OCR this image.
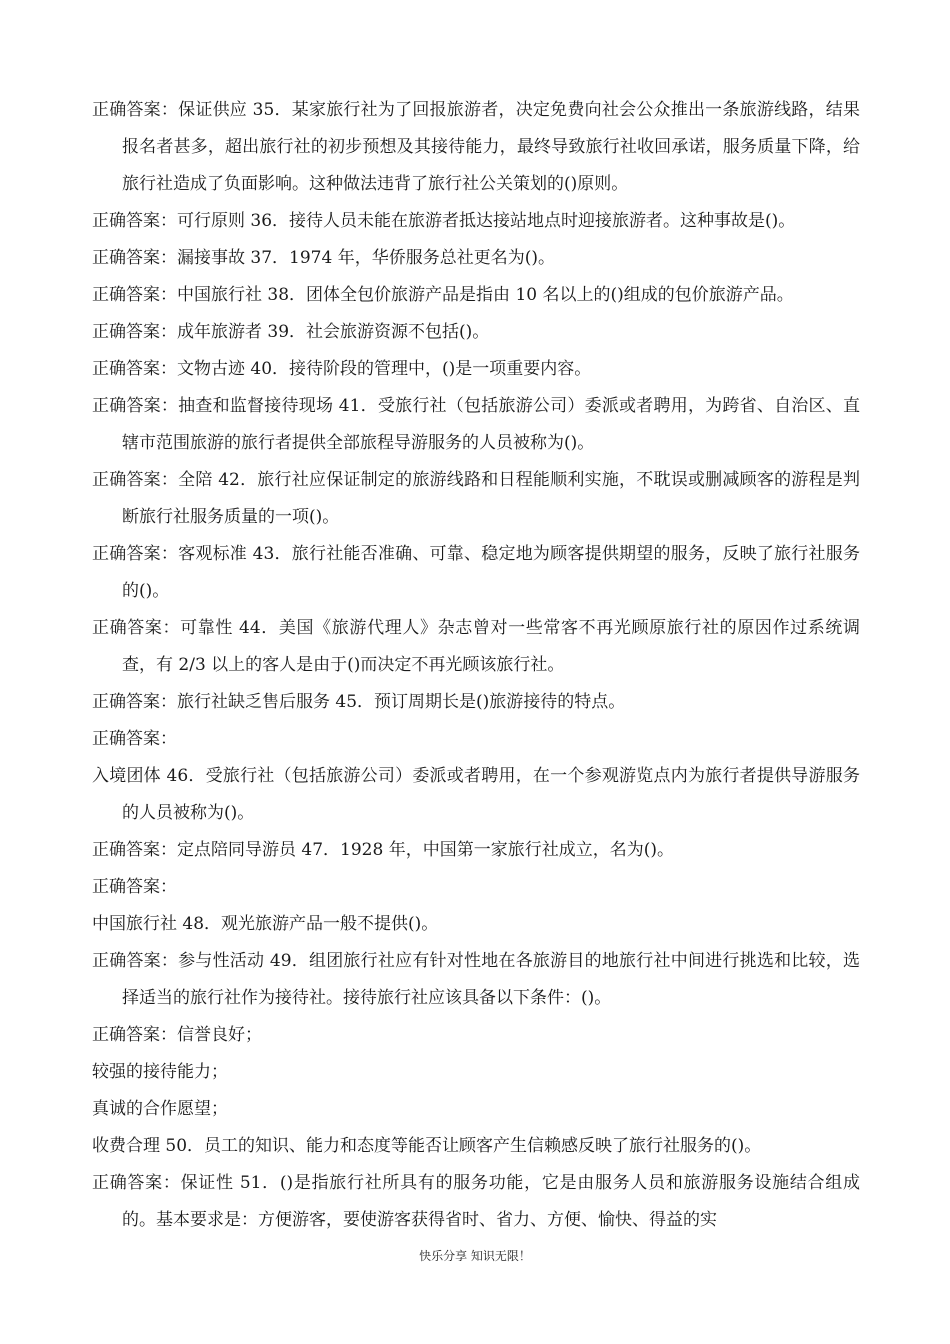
正确答案：保证供应 35．某家旅行社为了回报旅游者，决定免费向社会公众推出一条旅游线路，结果报名者甚多，超出旅行社的初步预想及其接待能力，最终导致旅行社收回承诺，服务质量下降，给旅行社造成了负面影响。这种做法违背了旅行社公关策划的()原则。

正确答案：可行原则 36．接待人员未能在旅游者抵达接站地点时迎接旅游者。这种事故是()。

正确答案：漏接事故 37．1974 年，华侨服务总社更名为()。

正确答案：中国旅行社 38．团体全包价旅游产品是指由 10 名以上的()组成的包价旅游产品。

正确答案：成年旅游者 39．社会旅游资源不包括()。

正确答案：文物古迹 40．接待阶段的管理中，()是一项重要内容。

正确答案：抽查和监督接待现场 41．受旅行社（包括旅游公司）委派或者聘用，为跨省、自治区、直辖市范围旅游的旅行者提供全部旅程导游服务的人员被称为()。

正确答案：全陪 42．旅行社应保证制定的旅游线路和日程能顺利实施，不耽误或删减顾客的游程是判断旅行社服务质量的一项()。

正确答案：客观标准 43．旅行社能否准确、可靠、稳定地为顾客提供期望的服务，反映了旅行社服务的()。

正确答案：可靠性 44．美国《旅游代理人》杂志曾对一些常客不再光顾原旅行社的原因作过系统调查，有 2/3 以上的客人是由于()而决定不再光顾该旅行社。

正确答案：旅行社缺乏售后服务 45．预订周期长是()旅游接待的特点。

正确答案：

入境团体 46．受旅行社（包括旅游公司）委派或者聘用，在一个参观游览点内为旅行者提供导游服务的人员被称为()。

正确答案：定点陪同导游员 47．1928 年，中国第一家旅行社成立，名为()。

正确答案：

中国旅行社 48．观光旅游产品一般不提供()。

正确答案：参与性活动 49．组团旅行社应有针对性地在各旅游目的地旅行社中间进行挑选和比较，选择适当的旅行社作为接待社。接待旅行社应该具备以下条件：()。

正确答案：信誉良好；

较强的接待能力；

真诚的合作愿望；

收费合理 50．员工的知识、能力和态度等能否让顾客产生信赖感反映了旅行社服务的()。

正确答案：保证性 51．()是指旅行社所具有的服务功能，它是由服务人员和旅游服务设施结合组成的。基本要求是：方便游客，要使游客获得省时、省力、方便、愉快、得益的实

快乐分享 知识无限！
